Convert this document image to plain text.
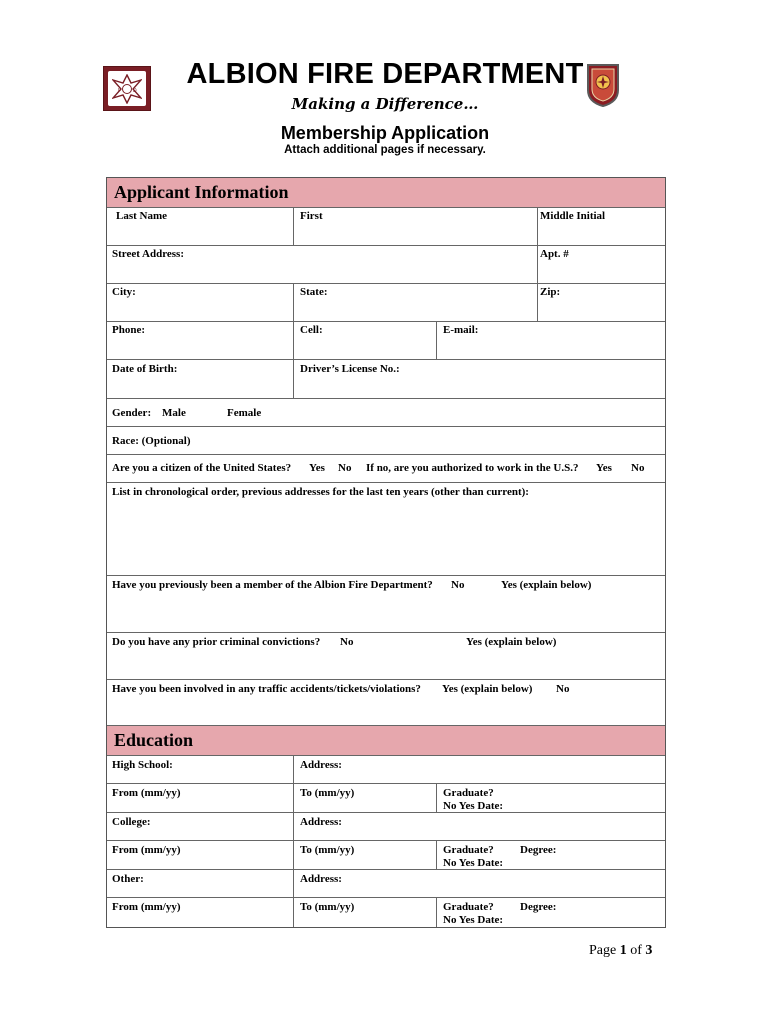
F D
ALBION FIRE DEPARTMENT
Making a Difference…
Membership Application
Attach additional pages if necessary.
Applicant Information
Last Name	First	Middle Initial
Street Address:	Apt. #
City:	State:	Zip:
Phone:	Cell:	E-mail:
Date of Birth:	Driver’s License No.:
Gender: Male	Female
Race: (Optional)
Are you a citizen of the United States? Yes No If no, are you authorized to work in the U.S.? Yes No
List in chronological order, previous addresses for the last ten years (other than current):
Have you previously been a member of the Albion Fire Department? No	Yes (explain below)
Do you have any prior criminal convictions? No	Yes (explain below)
Have you been involved in any traffic accidents/tickets/violations? Yes (explain below) No
Education
High School:	Address:
From (mm/yy)	To (mm/yy)	Graduate?
No Yes Date:
College:	Address:
From (mm/yy)	To (mm/yy)	Graduate? Degree:
No Yes Date:
Other:	Address:
From (mm/yy)	To (mm/yy)	Graduate? Degree:
No Yes Date:
Page 1 of 3
